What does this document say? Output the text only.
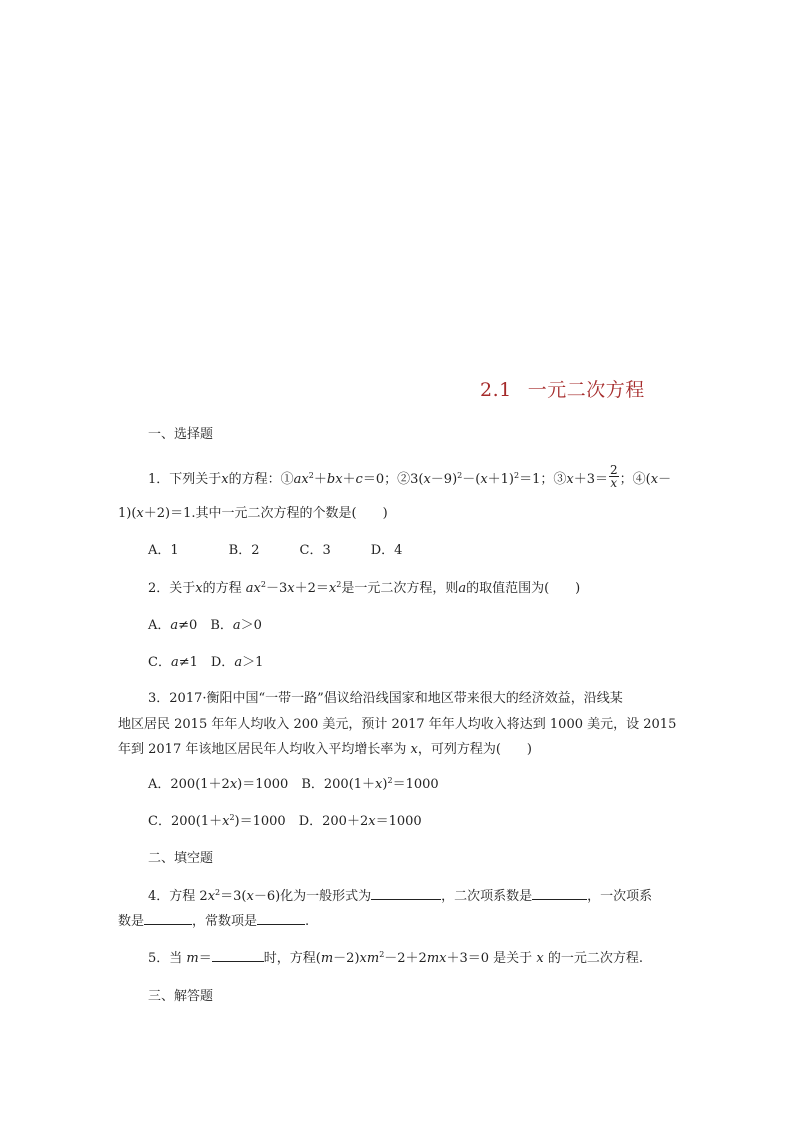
2.1 一元二次方程
一、选择题
1．下列关于x的方程：$①ax^2+bx+c=0$；$②3(x-9)^2-(x+1)^2=1$；③x＋3＝ $\frac{2}{x}$ ；④(x－
1)(x＋2)＝1.其中一元二次方程的个数是(　　)
A．1	B．2	C．3	D．4
2．关于x的方程 $ax^2-3x+2=x^2$是一元二次方程，则a的取值范围为(　　)
A．a≠0　B．a＞0
C．a≠1　D．a＞1
3．2017·衡阳中国“一带一路”倡议给沿线国家和地区带来很大的经济效益，沿线某
地区居民 2015 年年人均收入 200 美元，预计 2017 年年人均收入将达到 1000 美元，设 2015
年到 2017 年该地区居民年人均收入平均增长率为 x，可列方程为(　　)
A．200(1＋2x)＝1000　B．$200(1+x)^2=1000$
C．$200(1+x^2)=1000$　D．200＋2x＝1000
二、填空题
4．方程 $2x^2=3(x-6)$化为一般形式为	，二次项系数是	，一次项系
数是	，常数项是	.
5．当 m＝	时，方程$(m-2)xm^2-2+2mx+3=0$ 是关于 x 的一元二次方程.
三、解答题
